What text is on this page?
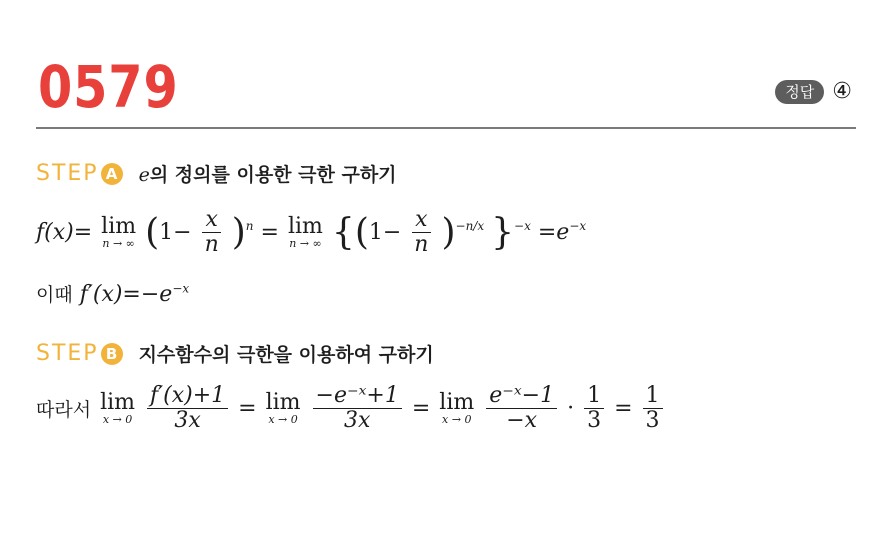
0579	정답 ④
STEP A e의 정의를 이용한 극한 구하기
f(x)= lim
n → ∞ $(1- \frac{x}{n} )^n = \lim$
n → ∞ {$(1- \frac{x}{n} )^{-n/x}$ }$^{-x} =e^{-x}$
이때 $f'(x)=-e^{-x}$
STEP B 지수함수의 극한을 이용하여 구하기
따라서 lim
x → 0
$\frac{f'(x)+1}{3x} = \lim$
x → 0
$\frac{\text{−e⁻ˣ+1}}{3x} = \lim$
x → 0
$\frac{\text{e⁻ˣ−1}}{-x} \cdot \frac{1}{3} = \frac{1}{3}$
